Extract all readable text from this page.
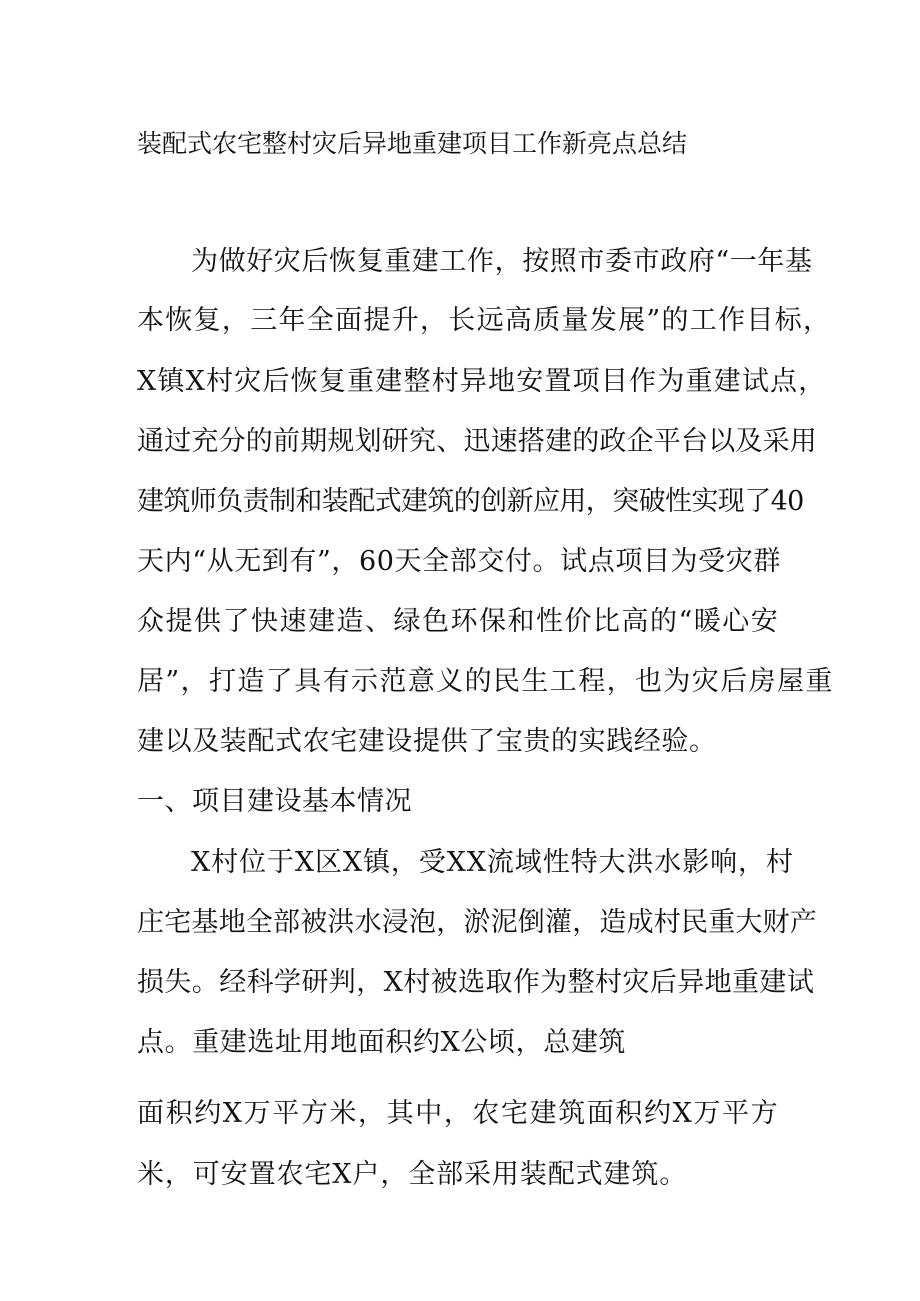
装配式农宅整村灾后异地重建项目工作新亮点总结
为做好灾后恢复重建工作，按照市委市政府“一年基
本恢复，三年全面提升，长远高质量发展”的工作目标，
X镇X村灾后恢复重建整村异地安置项目作为重建试点，
通过充分的前期规划研究、迅速搭建的政企平台以及采用
建筑师负责制和装配式建筑的创新应用，突破性实现了40
天内“从无到有”，60天全部交付。试点项目为受灾群
众提供了快速建造、绿色环保和性价比高的“暖心安
居”，打造了具有示范意义的民生工程，也为灾后房屋重
建以及装配式农宅建设提供了宝贵的实践经验。
一、项目建设基本情况
X村位于X区X镇，受XX流域性特大洪水影响，村
庄宅基地全部被洪水浸泡，淤泥倒灌，造成村民重大财产
损失。经科学研判，X村被选取作为整村灾后异地重建试
点。重建选址用地面积约X公顷，总建筑
面积约X万平方米，其中，农宅建筑面积约X万平方
米，可安置农宅X户，全部采用装配式建筑。
